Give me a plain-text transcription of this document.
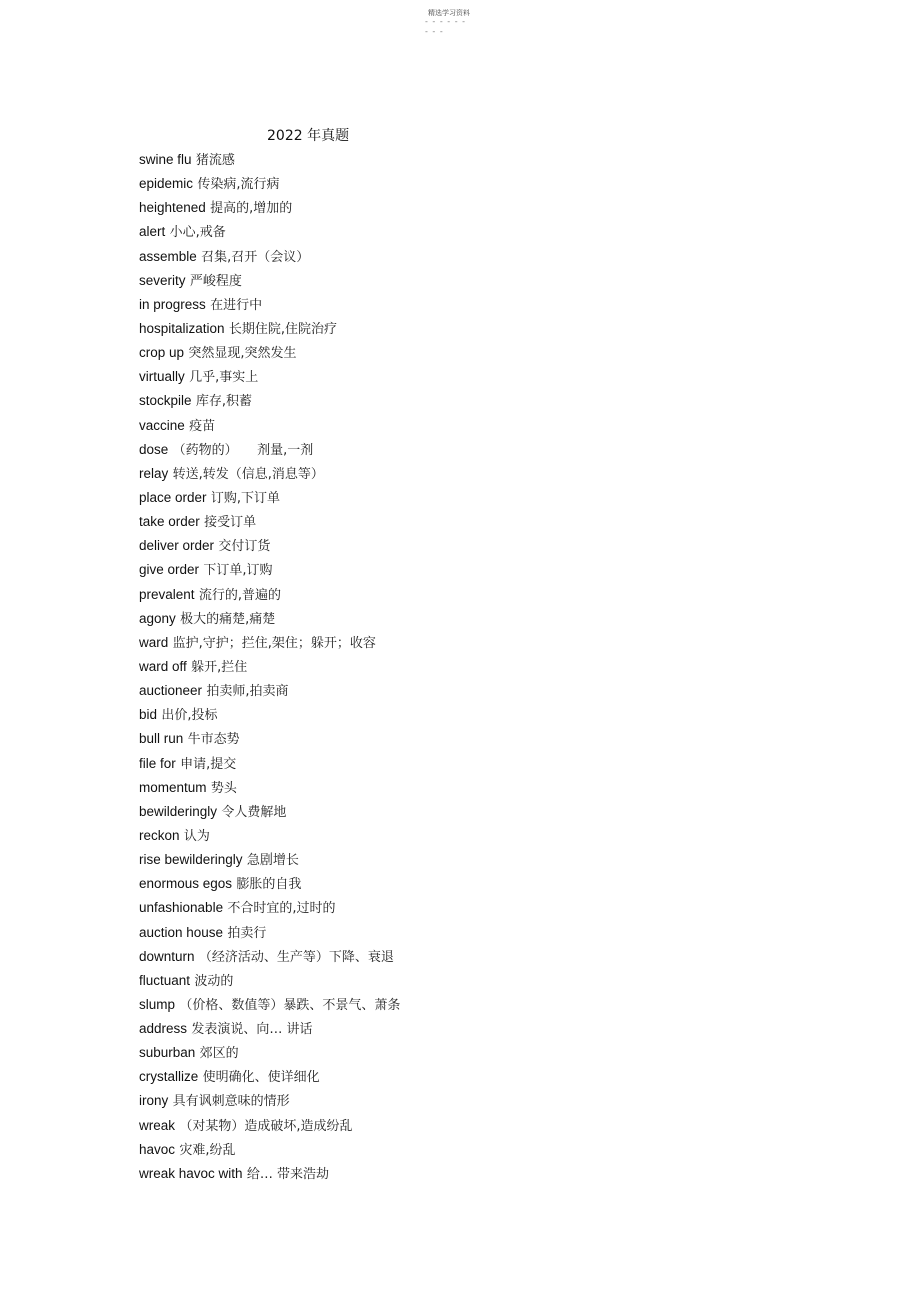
精选学习资料
- - - - - -
- - -
2022 年真题
swine flu 猪流感
epidemic 传染病,流行病
heightened 提高的,增加的
alert 小心,戒备
assemble 召集,召开（会议）
severity 严峻程度
in progress 在进行中
hospitalization 长期住院,住院治疗
crop up 突然显现,突然发生
virtually 几乎,事实上
stockpile 库存,积蓄
vaccine 疫苗
dose （药物的）　　剂量,一剂
relay 转送,转发（信息,消息等）
place order 订购,下订单
take order 接受订单
deliver order 交付订货
give order 下订单,订购
prevalent 流行的,普遍的
agony 极大的痛楚,痛楚
ward 监护,守护；拦住,架住；躲开；收容
ward off 躲开,拦住
auctioneer 拍卖师,拍卖商
bid 出价,投标
bull run 牛市态势
file for 申请,提交
momentum 势头
bewilderingly 令人费解地
reckon 认为
rise bewilderingly 急剧增长
enormous egos 膨胀的自我
unfashionable 不合时宜的,过时的
auction house 拍卖行
downturn （经济活动、生产等）下降、衰退
fluctuant 波动的
slump （价格、数值等）暴跌、不景气、萧条
address 发表演说、向… 讲话
suburban 郊区的
crystallize 使明确化、使详细化
irony 具有讽刺意味的情形
wreak （对某物）造成破坏,造成纷乱
havoc 灾难,纷乱
wreak havoc with 给… 带来浩劫
